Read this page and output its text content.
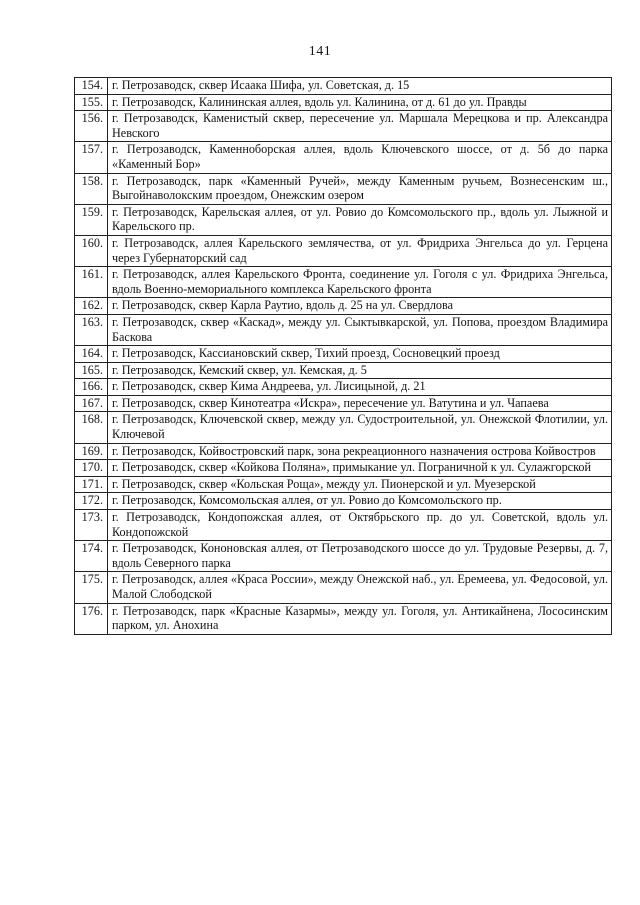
141
154.	г. Петрозаводск, сквер Исаака Шифа, ул. Советская, д. 15
155.	г. Петрозаводск, Калининская аллея, вдоль ул. Калинина, от д. 61 до ул. Правды
156.	г. Петрозаводск, Каменистый сквер, пересечение ул. Маршала Мерецкова и пр. Александра Невского
157.	г. Петрозаводск, Каменноборская аллея, вдоль Ключевского шоссе, от д. 5б до парка «Каменный Бор»
158.	г. Петрозаводск, парк «Каменный Ручей», между Каменным ручьем, Вознесенским ш., Выгойнаволокским проездом, Онежским озером
159.	г. Петрозаводск, Карельская аллея, от ул. Ровио до Комсомольского пр., вдоль ул. Лыжной и Карельского пр.
160.	г. Петрозаводск, аллея Карельского землячества, от ул. Фридриха Энгельса до ул. Герцена через Губернаторский сад
161.	г. Петрозаводск, аллея Карельского Фронта, соединение ул. Гоголя с ул. Фридриха Энгельса, вдоль Военно-мемориального комплекса Карельского фронта
162.	г. Петрозаводск, сквер Карла Раутио, вдоль д. 25 на ул. Свердлова
163.	г. Петрозаводск, сквер «Каскад», между ул. Сыктывкарской, ул. Попова, проездом Владимира Баскова
164.	г. Петрозаводск, Кассиановский сквер, Тихий проезд, Сосновецкий проезд
165.	г. Петрозаводск, Кемский сквер, ул. Кемская, д. 5
166.	г. Петрозаводск, сквер Кима Андреева, ул. Лисицыной, д. 21
167.	г. Петрозаводск, сквер Кинотеатра «Искра», пересечение ул. Ватутина и ул. Чапаева
168.	г. Петрозаводск, Ключевской сквер, между ул. Судостроительной, ул. Онежской Флотилии, ул. Ключевой
169.	г. Петрозаводск, Койвостровский парк, зона рекреационного назначения острова Койвостров
170.	г. Петрозаводск, сквер «Койкова Поляна», примыкание ул. Пограничной к ул. Сулажгорской
171.	г. Петрозаводск, сквер «Кольская Роща», между ул. Пионерской и ул. Муезерской
172.	г. Петрозаводск, Комсомольская аллея, от ул. Ровио до Комсомольского пр.
173.	г. Петрозаводск, Кондопожская аллея, от Октябрьского пр. до ул. Советской, вдоль ул. Кондопожской
174.	г. Петрозаводск, Кононовская аллея, от Петрозаводского шоссе до ул. Трудовые Резервы, д. 7, вдоль Северного парка
175.	г. Петрозаводск, аллея «Краса России», между Онежской наб., ул. Еремеева, ул. Федосовой, ул. Малой Слободской
176.	г. Петрозаводск, парк «Красные Казармы», между ул. Гоголя, ул. Антикайнена, Лососинским парком, ул. Анохина
